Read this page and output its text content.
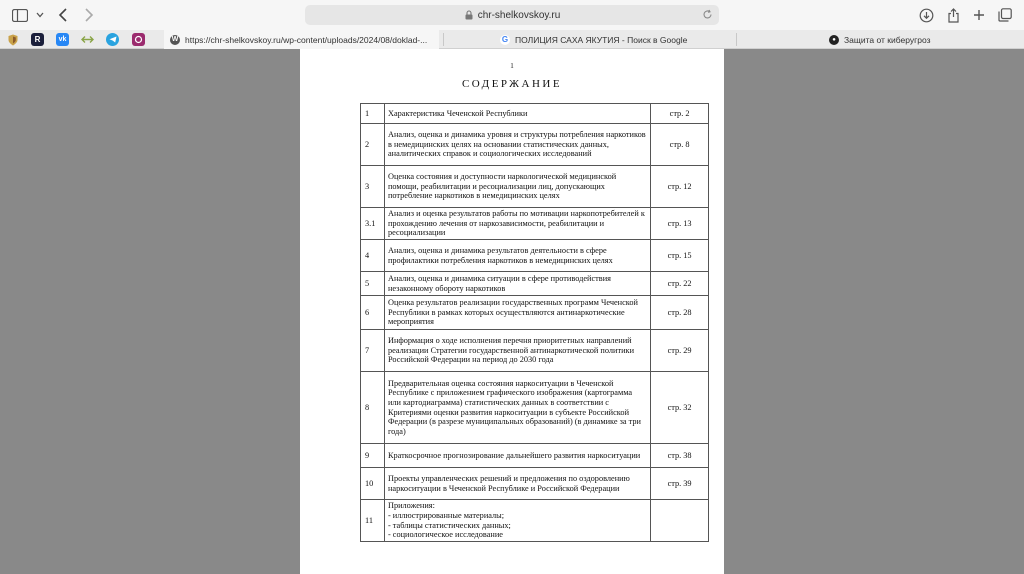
chr-shelkovskoy.ru
R	vk	W https://chr-shelkovskoy.ru/wp-content/uploads/2024/08/doklad-...	G ПОЛИЦИЯ САХА ЯКУТИЯ - Поиск в Google	● Защита от киберугроз
1
СОДЕРЖАНИЕ
1	Характеристика Чеченской Республики	стр. 2
2	Анализ, оценка и динамика уровня и структуры потребления наркотиков в немедицинских целях на основании статистических данных, аналитических справок и социологических исследований	стр. 8
3	Оценка состояния и доступности наркологической медицинской помощи, реабилитации и ресоциализации лиц, допускающих потребление наркотиков в немедицинских целях	стр. 12
3.1	Анализ и оценка результатов работы по мотивации наркопотребителей к прохождению лечения от наркозависимости, реабилитации и ресоциализации	стр. 13
4	Анализ, оценка и динамика результатов деятельности в сфере профилактики потребления наркотиков в немедицинских целях	стр. 15
5	Анализ, оценка и динамика ситуации в сфере противодействия незаконному обороту наркотиков	стр. 22
6	Оценка результатов реализации государственных программ Чеченской Республики в рамках которых осуществляются антинаркотические мероприятия	стр. 28
7	Информация о ходе исполнения перечня приоритетных направлений реализации Стратегии государственной антинаркотической политики Российской Федерации на период до 2030 года	стр. 29
8	Предварительная оценка состояния наркоситуации в Чеченской Республике с приложением графического изображения (картограмма или картодиаграмма) статистических данных в соответствии с Критериями оценки развития наркоситуации в субъекте Российской Федерации (в разрезе муниципальных образований) (в динамике за три года)	стр. 32
9	Краткосрочное прогнозирование дальнейшего развития наркоситуации	стр. 38
10	Проекты управленческих решений и предложения по оздоровлению наркоситуации в Чеченской Республике и Российской Федерации	стр. 39
11	Приложения:
- иллюстрированные материалы;
- таблицы статистических данных;
- социологическое исследование	
